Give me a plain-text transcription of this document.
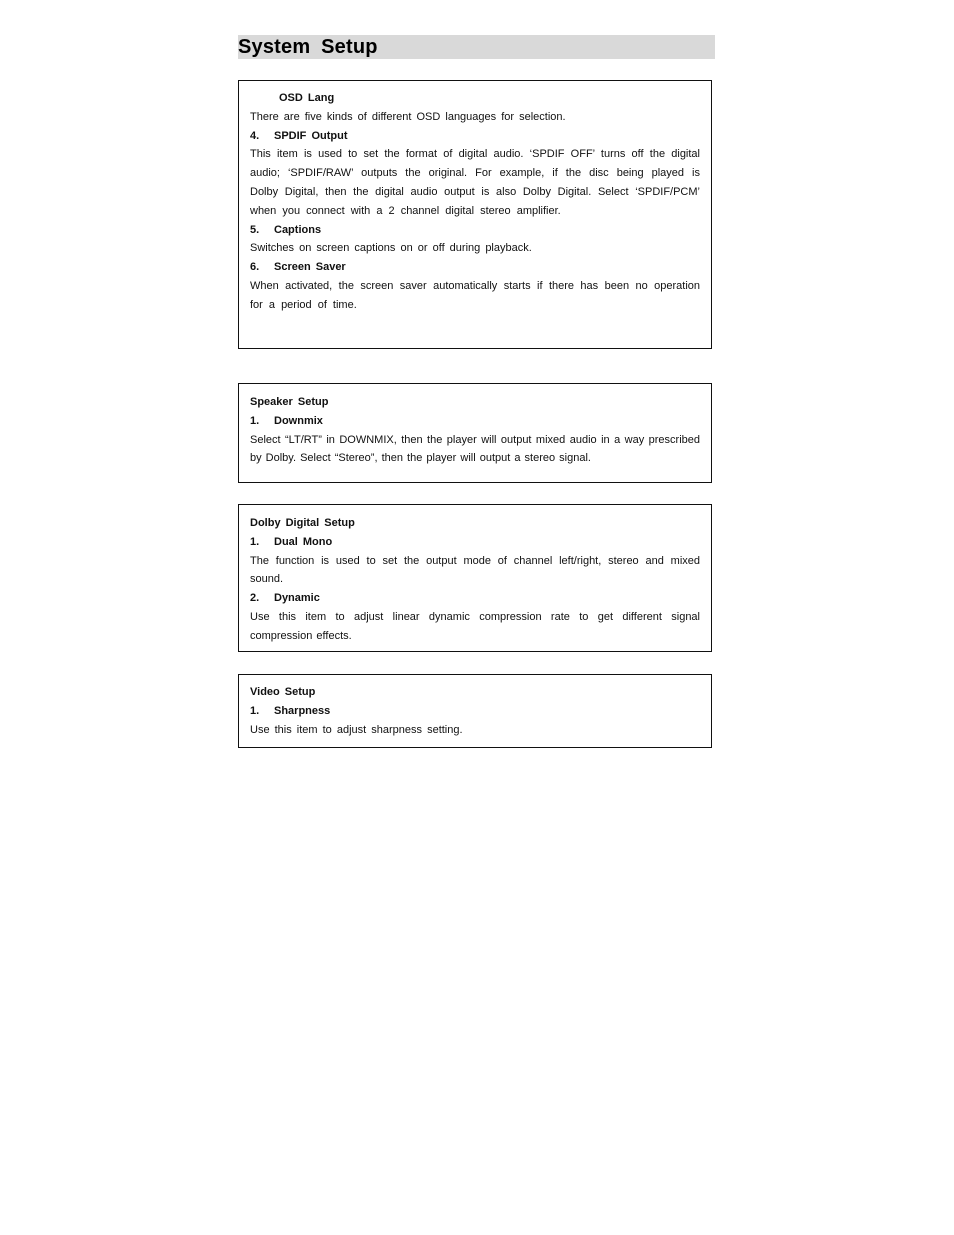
System Setup
OSD Lang
There are five kinds of different OSD languages for selection.
4. SPDIF Output
This item is used to set the format of digital audio. ‘SPDIF OFF’ turns off the digital audio; ‘SPDIF/RAW’ outputs the original. For example, if the disc being played is Dolby Digital, then the digital audio output is also Dolby Digital. Select ‘SPDIF/PCM’ when you connect with a 2 channel digital stereo amplifier.
5. Captions
Switches on screen captions on or off during playback.
6. Screen Saver
When activated, the screen saver automatically starts if there has been no operation for a period of time.
Speaker Setup
1. Downmix
Select “LT/RT” in DOWNMIX, then the player will output mixed audio in a way prescribed by Dolby. Select “Stereo”, then the player will output a stereo signal.
Dolby Digital Setup
1. Dual Mono
The function is used to set the output mode of channel left/right, stereo and mixed sound.
2. Dynamic
Use this item to adjust linear dynamic compression rate to get different signal compression effects.
Video Setup
1. Sharpness
Use this item to adjust sharpness setting.
